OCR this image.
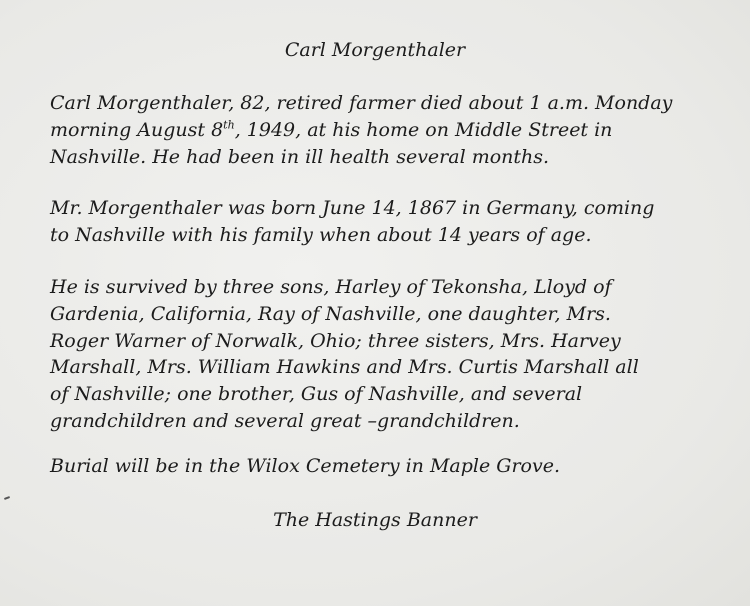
Carl Morgenthaler

Carl Morgenthaler, 82, retired farmer died about 1 a.m. Monday
morning August 8th, 1949, at his home on Middle Street in
Nashville. He had been in ill health several months.

Mr. Morgenthaler was born June 14, 1867 in Germany, coming
to Nashville with his family when about 14 years of age.

He is survived by three sons, Harley of Tekonsha, Lloyd of
Gardenia, California, Ray of Nashville, one daughter, Mrs.
Roger Warner of Norwalk, Ohio; three sisters, Mrs. Harvey
Marshall, Mrs. William Hawkins and Mrs. Curtis Marshall all
of Nashville; one brother, Gus of Nashville, and several
grandchildren and several great –grandchildren.

Burial will be in the Wilox Cemetery in Maple Grove.

The Hastings Banner
